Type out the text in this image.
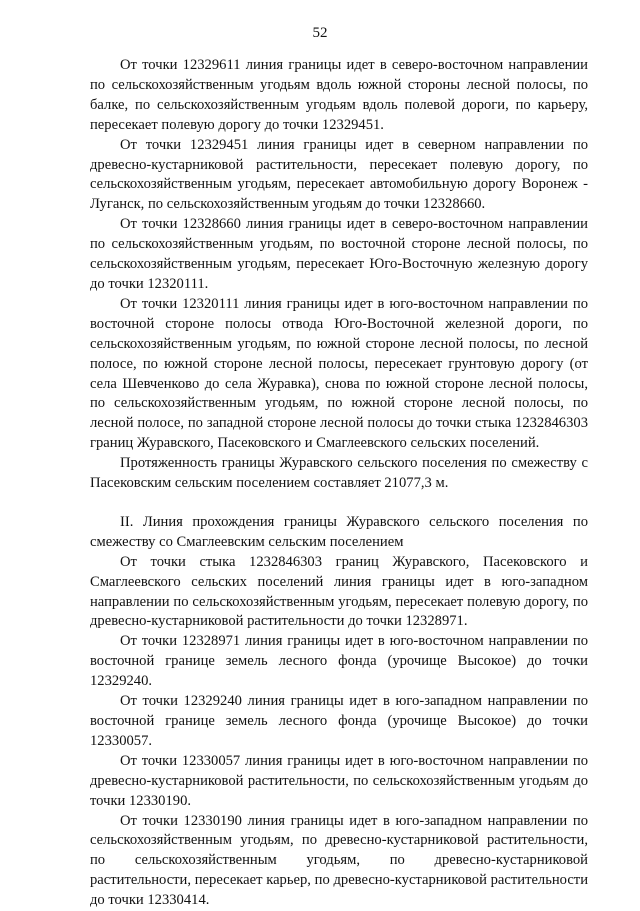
52

От точки 12329611 линия границы идет в северо-восточном направлении по сельскохозяйственным угодьям вдоль южной стороны лесной полосы, по балке, по сельскохозяйственным угодьям вдоль полевой дороги, по карьеру, пересекает полевую дорогу до точки 12329451.

От точки 12329451 линия границы идет в северном направлении по древесно-кустарниковой растительности, пересекает полевую дорогу, по сельскохозяйственным угодьям, пересекает автомобильную дорогу Воронеж - Луганск, по сельскохозяйственным угодьям до точки 12328660.

От точки 12328660 линия границы идет в северо-восточном направлении по сельскохозяйственным угодьям, по восточной стороне лесной полосы, по сельскохозяйственным угодьям, пересекает Юго-Восточную железную дорогу до точки 12320111.

От точки 12320111 линия границы идет в юго-восточном направлении по восточной стороне полосы отвода Юго-Восточной железной дороги, по сельскохозяйственным угодьям, по южной стороне лесной полосы, по лесной полосе, по южной стороне лесной полосы, пересекает грунтовую дорогу (от села Шевченково до села Журавка), снова по южной стороне лесной полосы, по сельскохозяйственным угодьям, по южной стороне лесной полосы, по лесной полосе, по западной стороне лесной полосы до точки стыка 1232846303 границ Журавского, Пасековского и Смаглеевского сельских поселений.

Протяженность границы Журавского сельского поселения по смежеству с Пасековским сельским поселением составляет 21077,3 м.

II. Линия прохождения границы Журавского сельского поселения по смежеству со Смаглеевским сельским поселением

От точки стыка 1232846303 границ Журавского, Пасековского и Смаглеевского сельских поселений линия границы идет в юго-западном направлении по сельскохозяйственным угодьям, пересекает полевую дорогу, по древесно-кустарниковой растительности до точки 12328971.

От точки 12328971 линия границы идет в юго-восточном направлении по восточной границе земель лесного фонда (урочище Высокое) до точки 12329240.

От точки 12329240 линия границы идет в юго-западном направлении по восточной границе земель лесного фонда (урочище Высокое) до точки 12330057.

От точки 12330057 линия границы идет в юго-восточном направлении по древесно-кустарниковой растительности, по сельскохозяйственным угодьям до точки 12330190.

От точки 12330190 линия границы идет в юго-западном направлении по сельскохозяйственным угодьям, по древесно-кустарниковой растительности, по сельскохозяйственным угодьям, по древесно-кустарниковой растительности, пересекает карьер, по древесно-кустарниковой растительности до точки 12330414.
